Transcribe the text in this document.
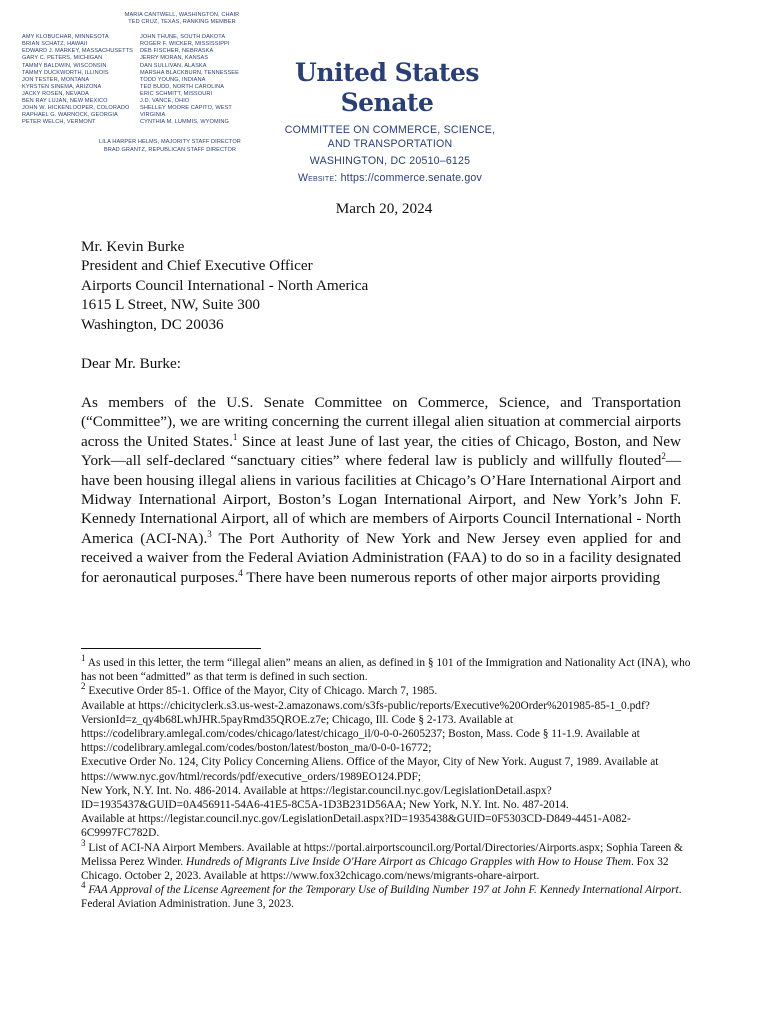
MARIA CANTWELL, WASHINGTON, CHAIR
TED CRUZ, TEXAS, RANKING MEMBER
AMY KLOBUCHAR, MINNESOTA
BRIAN SCHATZ, HAWAII
EDWARD J. MARKEY, MASSACHUSETTS
GARY C. PETERS, MICHIGAN
TAMMY BALDWIN, WISCONSIN
TAMMY DUCKWORTH, ILLINOIS
JON TESTER, MONTANA
KYRSTEN SINEMA, ARIZONA
JACKY ROSEN, NEVADA
BEN RAY LUJAN, NEW MEXICO
JOHN W. HICKENLOOPER, COLORADO
RAPHAEL G. WARNOCK, GEORGIA
PETER WELCH, VERMONT
JOHN THUNE, SOUTH DAKOTA
ROGER F. WICKER, MISSISSIPPI
DEB FISCHER, NEBRASKA
JERRY MORAN, KANSAS
DAN SULLIVAN, ALASKA
MARSHA BLACKBURN, TENNESSEE
TODD YOUNG, INDIANA
TED BUDD, NORTH CAROLINA
ERIC SCHMITT, MISSOURI
J.D. VANCE, OHIO
SHELLEY MOORE CAPITO, WEST VIRGINIA
CYNTHIA M. LUMMIS, WYOMING
LILA HARPER HELMS, MAJORITY STAFF DIRECTOR
BRAD GRANTZ, REPUBLICAN STAFF DIRECTOR
United States Senate
COMMITTEE ON COMMERCE, SCIENCE,
AND TRANSPORTATION
WASHINGTON, DC 20510–6125
Website: https://commerce.senate.gov
March 20, 2024
Mr. Kevin Burke
President and Chief Executive Officer
Airports Council International - North America
1615 L Street, NW, Suite 300
Washington, DC 20036
Dear Mr. Burke:
As members of the U.S. Senate Committee on Commerce, Science, and Transportation (“Committee”), we are writing concerning the current illegal alien situation at commercial airports across the United States.$^1$ Since at least June of last year, the cities of Chicago, Boston, and New York—all self-declared “sanctuary cities” where federal law is publicly and willfully flouted$^2$—have been housing illegal aliens in various facilities at Chicago’s O’Hare International Airport and Midway International Airport, Boston’s Logan International Airport, and New York’s John F. Kennedy International Airport, all of which are members of Airports Council International - North America (ACI-NA).$^3$ The Port Authority of New York and New Jersey even applied for and received a waiver from the Federal Aviation Administration (FAA) to do so in a facility designated for aeronautical purposes.$^4$ There have been numerous reports of other major airports providing

$^1$ As used in this letter, the term “illegal alien” means an alien, as defined in § 101 of the Immigration and Nationality Act (INA), who has not been “admitted” as that term is defined in such section.

$^2$ Executive Order 85-1. Office of the Mayor, City of Chicago. March 7, 1985.
Available at https://chicityclerk.s3.us-west-2.amazonaws.com/s3fs-public/reports/Executive%20Order%201985-85-1_0.pdf?VersionId=z_qy4b68LwhJHR.5payRmd35QROE.z7e; Chicago, Ill. Code § 2-173. Available at https://codelibrary.amlegal.com/codes/chicago/latest/chicago_il/0-0-0-2605237; Boston, Mass. Code § 11-1.9. Available at https://codelibrary.amlegal.com/codes/boston/latest/boston_ma/0-0-0-16772;
Executive Order No. 124, City Policy Concerning Aliens. Office of the Mayor, City of New York. August 7, 1989. Available at https://www.nyc.gov/html/records/pdf/executive_orders/1989EO124.PDF;
New York, N.Y. Int. No. 486-2014. Available at https://legistar.council.nyc.gov/LegislationDetail.aspx?ID=1935437&GUID=0A456911-54A6-41E5-8C5A-1D3B231D56AA; New York, N.Y. Int. No. 487-2014.
Available at https://legistar.council.nyc.gov/LegislationDetail.aspx?ID=1935438&GUID=0F5303CD-D849-4451-A082-6C9997FC782D.

$^3$ List of ACI-NA Airport Members. Available at https://portal.airportscouncil.org/Portal/Directories/Airports.aspx; Sophia Tareen & Melissa Perez Winder. Hundreds of Migrants Live Inside O'Hare Airport as Chicago Grapples with How to House Them. Fox 32 Chicago. October 2, 2023. Available at https://www.fox32chicago.com/news/migrants-ohare-airport.

$^4$ FAA Approval of the License Agreement for the Temporary Use of Building Number 197 at John F. Kennedy International Airport. Federal Aviation Administration. June 3, 2023.
